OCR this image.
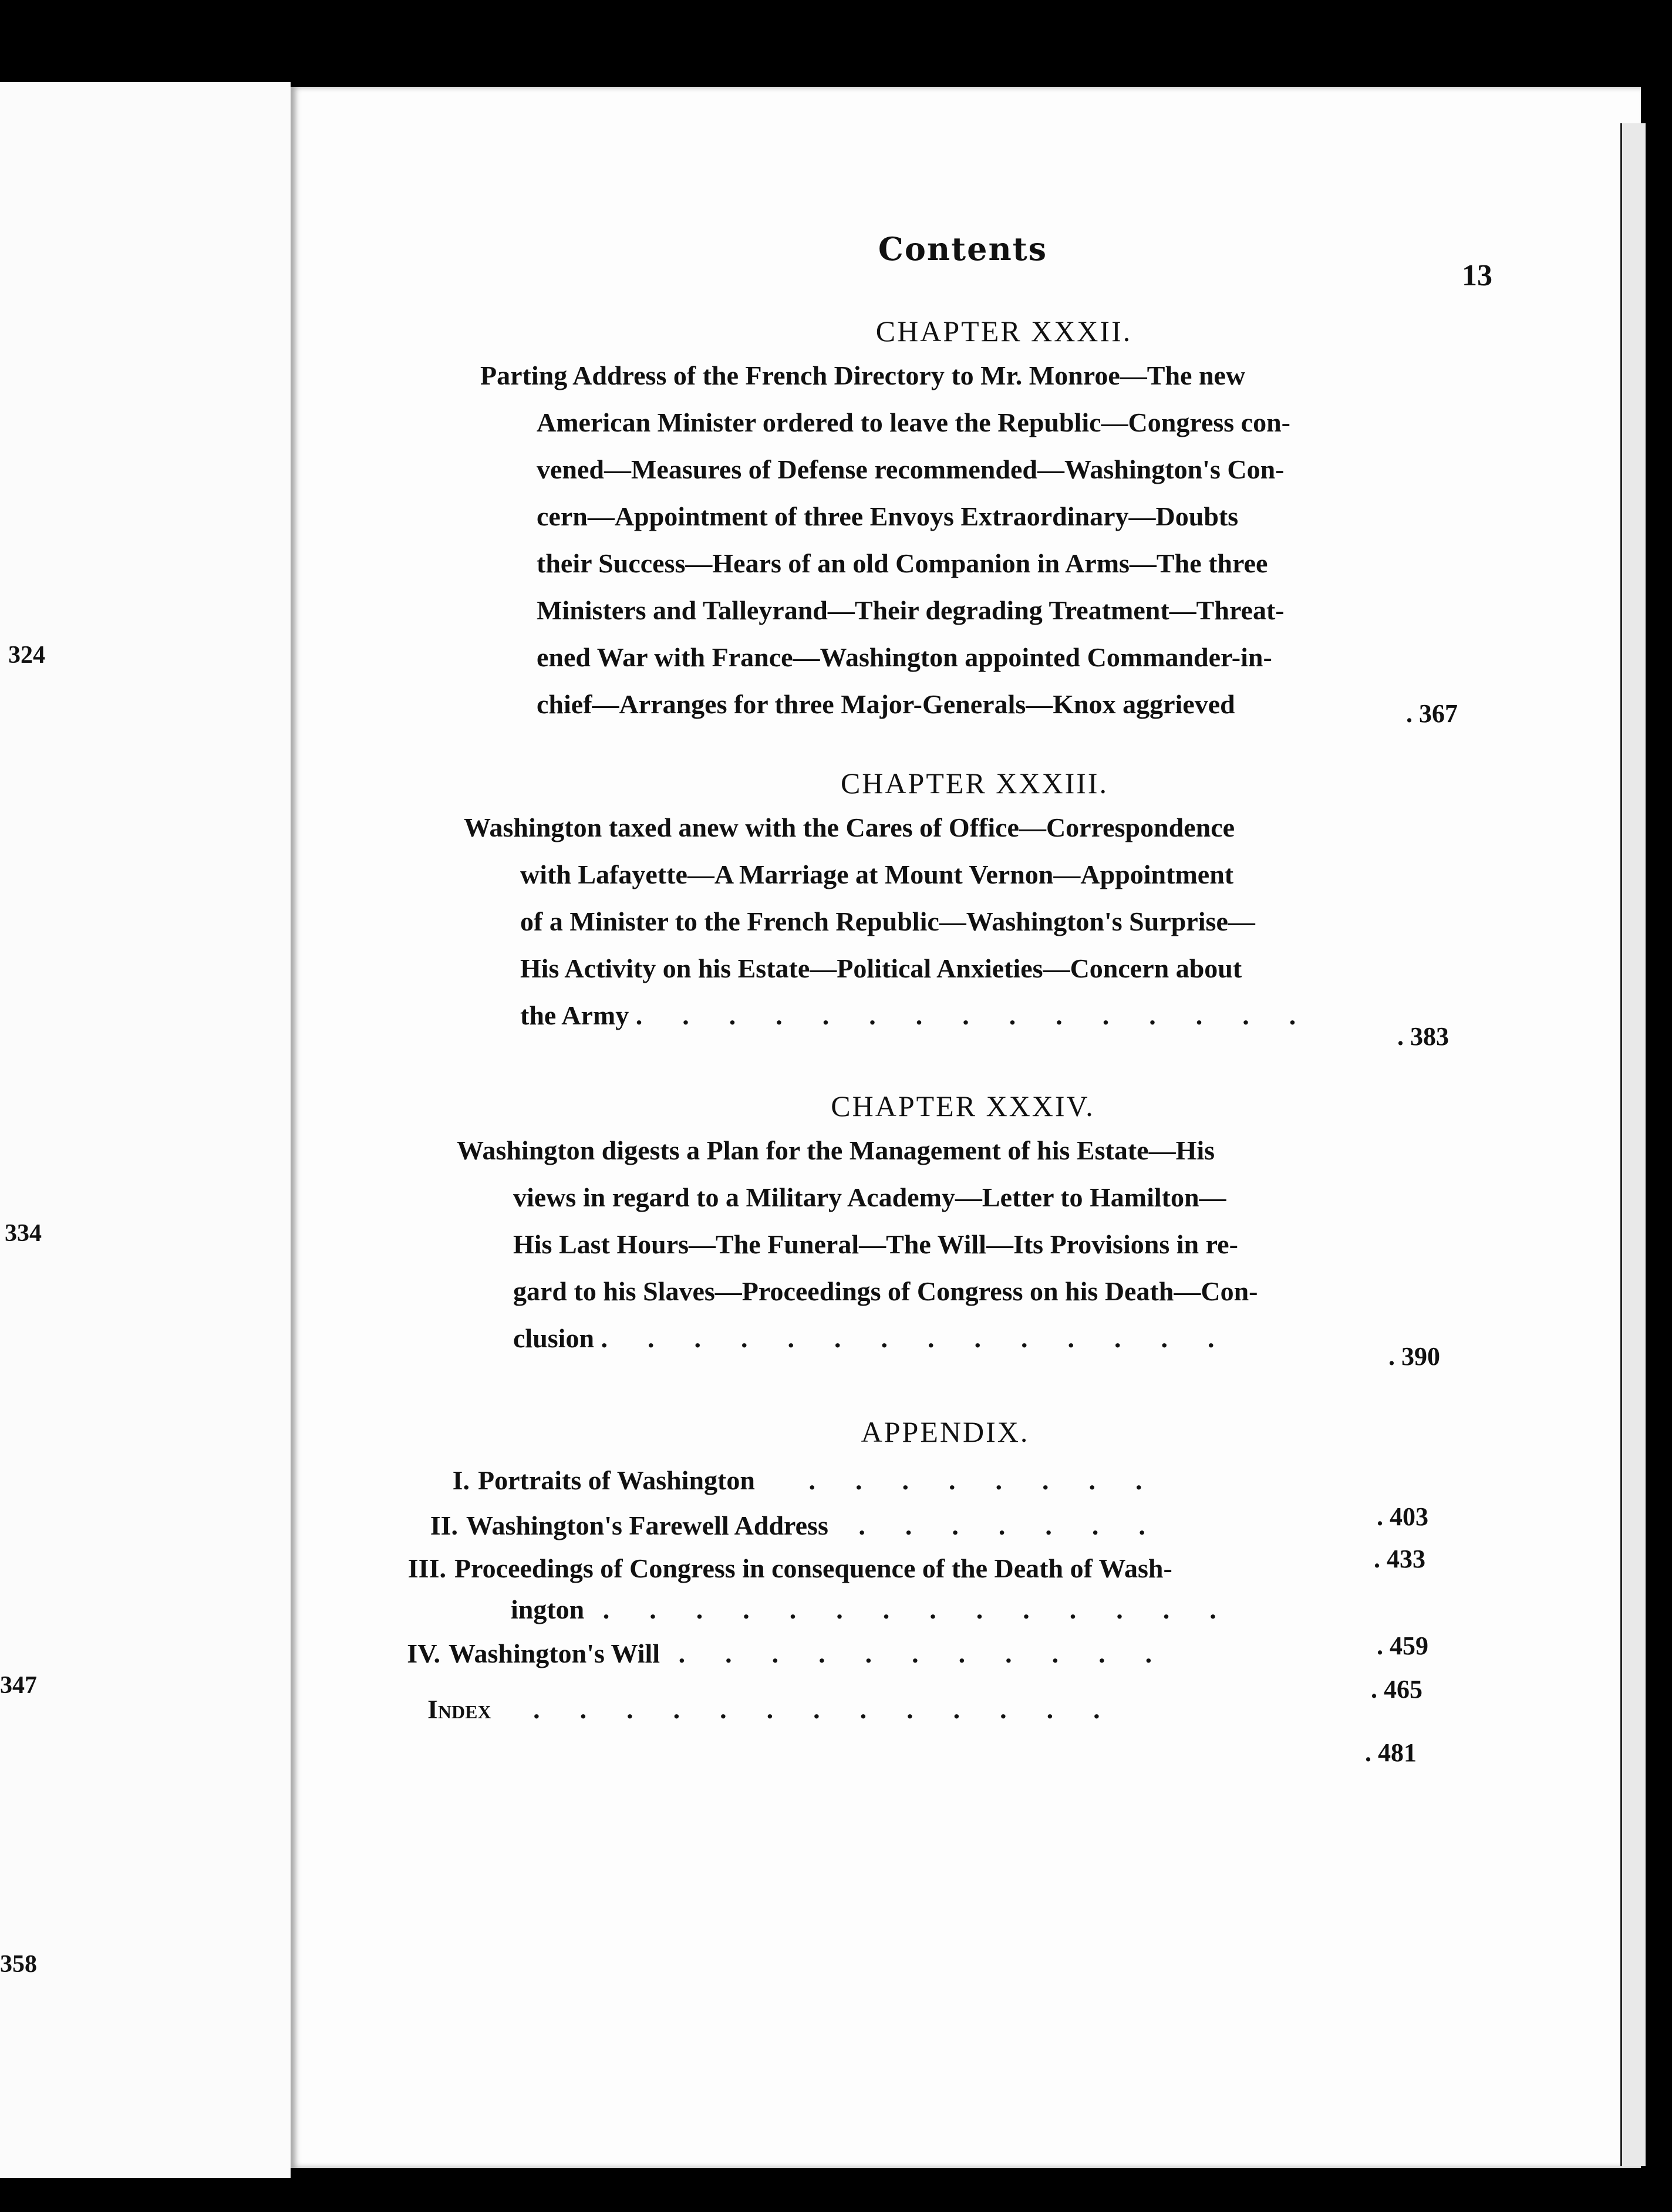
324
334
347
358
Contents
13
CHAPTER XXXII.
Parting Address of the French Directory to Mr. Monroe—The new
American Minister ordered to leave the Republic—Congress con-
vened—Measures of Defense recommended—Washington's Con-
cern—Appointment of three Envoys Extraordinary—Doubts
their Success—Hears of an old Companion in Arms—The three
Ministers and Talleyrand—Their degrading Treatment—Threat-
ened War with France—Washington appointed Commander-in-
chief—Arranges for three Major-Generals—Knox aggrieved	. 367
CHAPTER XXXIII.
Washington taxed anew with the Cares of Office—Correspondence
with Lafayette—A Marriage at Mount Vernon—Appointment
of a Minister to the French Republic—Washington's Surprise—
His Activity on his Estate—Political Anxieties—Concern about
the Army ...............
. 383
CHAPTER XXXIV.
Washington digests a Plan for the Management of his Estate—His
views in regard to a Military Academy—Letter to Hamilton—
His Last Hours—The Funeral—The Will—Its Provisions in re-
gard to his Slaves—Proceedings of Congress on his Death—Con-
clusion ..............
. 390
APPENDIX.
I. Portraits of Washington ........
. 403
II. Washington's Farewell Address .......
. 433
III. Proceedings of Congress in consequence of the Death of Wash-
ington ..............
. 459
IV. Washington's Will ...........
. 465
Index .............
. 481
